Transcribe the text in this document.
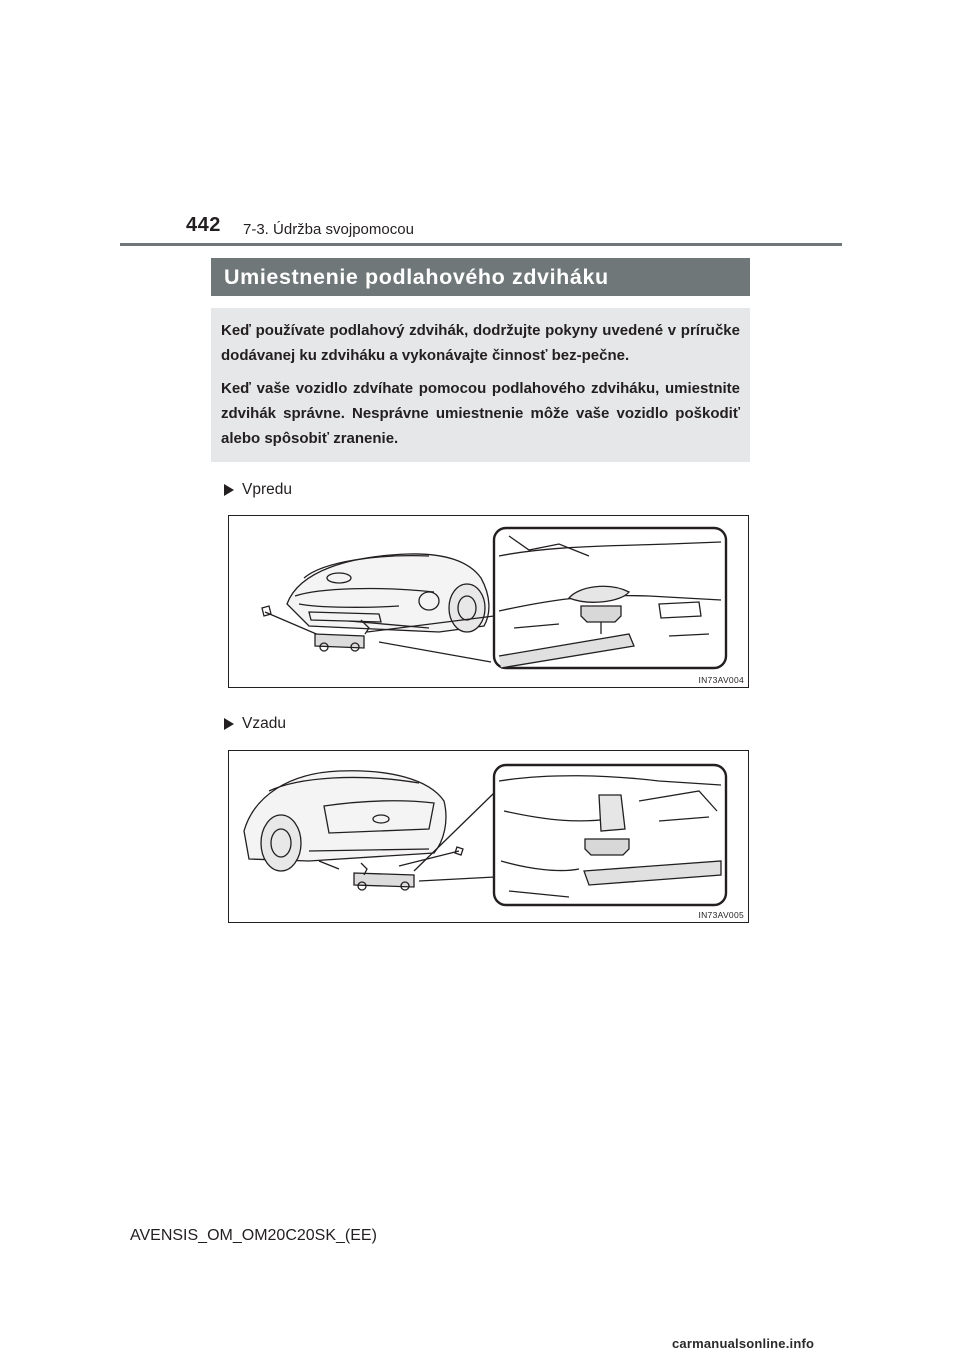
442 7-3. Údržba svojpomocou
Umiestnenie podlahového zdviháku

Keď používate podlahový zdvihák, dodržujte pokyny uvedené v príručke dodávanej ku zdviháku a vykonávajte činnosť bez-pečne.

Keď vaše vozidlo zdvíhate pomocou podlahového zdviháku, umiestnite zdvihák správne. Nesprávne umiestnenie môže vaše vozidlo poškodiť alebo spôsobiť zranenie.

Vpredu
IN73AV004
Vzadu
IN73AV005
AVENSIS_OM_OM20C20SK_(EE)
carmanualsonline.info
